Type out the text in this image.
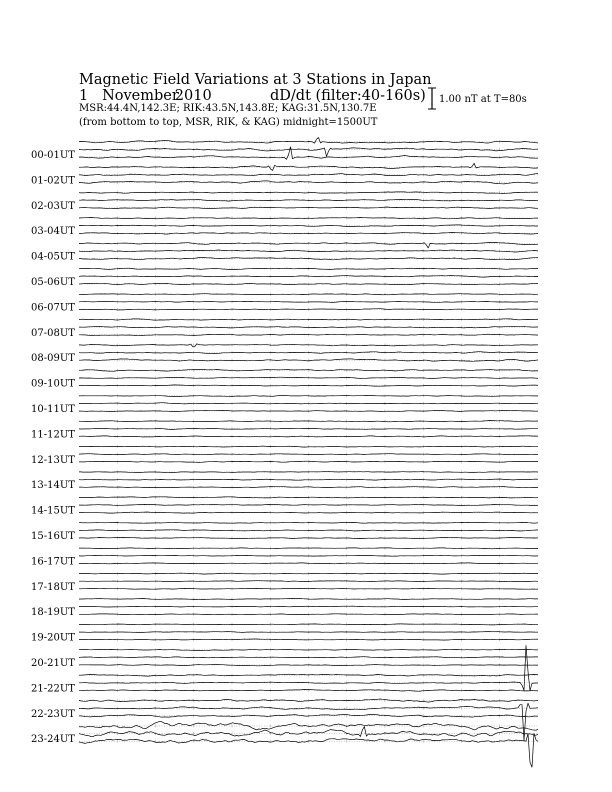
Magnetic Field Variations at 3 Stations in Japan
1 November2010	dD/dt (filter:40-160s)
MSR:44.4N,142.3E; RIK:43.5N,143.8E; KAG:31.5N,130.7E
(from bottom to top, MSR, RIK, & KAG) midnight=1500UT
1.00 nT at T=80s
00-01UT
01-02UT
02-03UT
03-04UT
04-05UT
05-06UT
06-07UT
07-08UT
08-09UT
09-10UT
10-11UT
11-12UT
12-13UT
13-14UT
14-15UT
15-16UT
16-17UT
17-18UT
18-19UT
19-20UT
20-21UT
21-22UT
22-23UT
23-24UT
